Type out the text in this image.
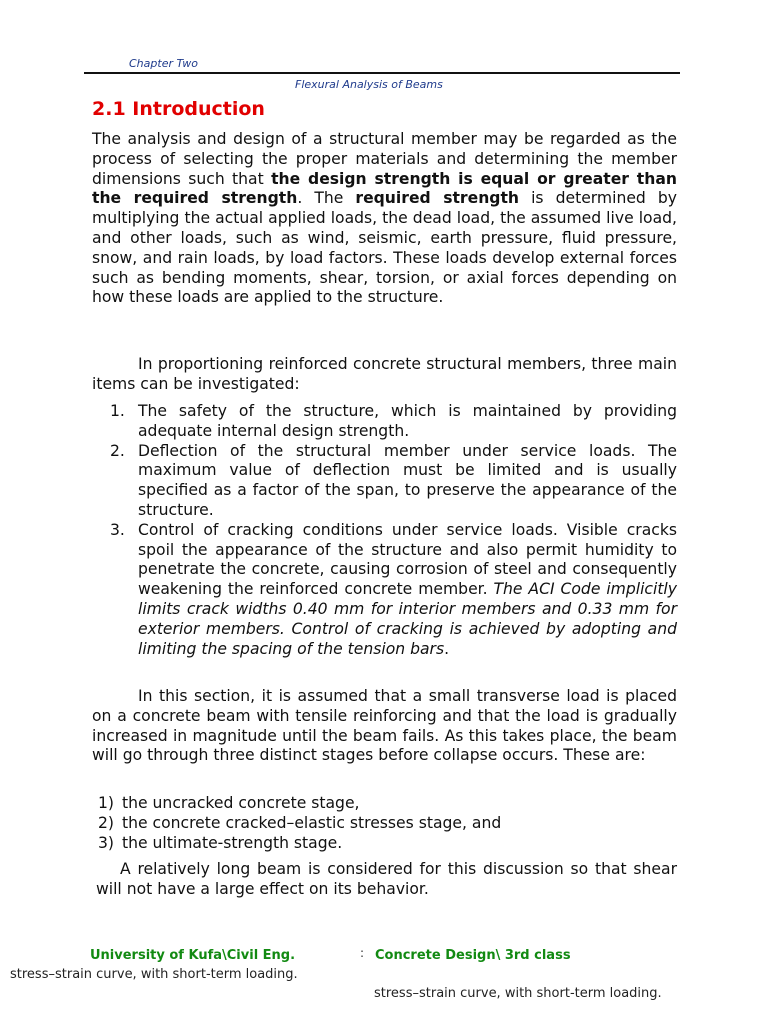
Chapter Two
Flexural Analysis of Beams
2.1 Introduction

The analysis and design of a structural member may be regarded as the process of selecting the proper materials and determining the member dimensions such that the design strength is equal or greater than the required strength. The required strength is determined by multiplying the actual applied loads, the dead load, the assumed live load, and other loads, such as wind, seismic, earth pressure, fluid pressure, snow, and rain loads, by load factors. These loads develop external forces such as bending moments, shear, torsion, or axial forces depending on how these loads are applied to the structure.

In proportioning reinforced concrete structural members, three main items can be investigated:

1. The safety of the structure, which is maintained by providing adequate internal design strength.
2. Deflection of the structural member under service loads. The maximum value of deflection must be limited and is usually specified as a factor of the span, to preserve the appearance of the structure.
3. Control of cracking conditions under service loads. Visible cracks spoil the appearance of the structure and also permit humidity to penetrate the concrete, causing corrosion of steel and consequently weakening the reinforced concrete member. The ACI Code implicitly limits crack widths 0.40 mm for interior members and 0.33 mm for exterior members. Control of cracking is achieved by adopting and limiting the spacing of the tension bars.

In this section, it is assumed that a small transverse load is placed on a concrete beam with tensile reinforcing and that the load is gradually increased in magnitude until the beam fails. As this takes place, the beam will go through three distinct stages before collapse occurs. These are:

1) the uncracked concrete stage,
2) the concrete cracked–elastic stresses stage, and
3) the ultimate-strength stage.

A relatively long beam is considered for this discussion so that shear will not have a large effect on its behavior.

University of Kufa\Civil Eng.	: Concrete Design\ 3rd class
stress–strain curve, with short-term loading.
stress–strain curve, with short-term loading.
